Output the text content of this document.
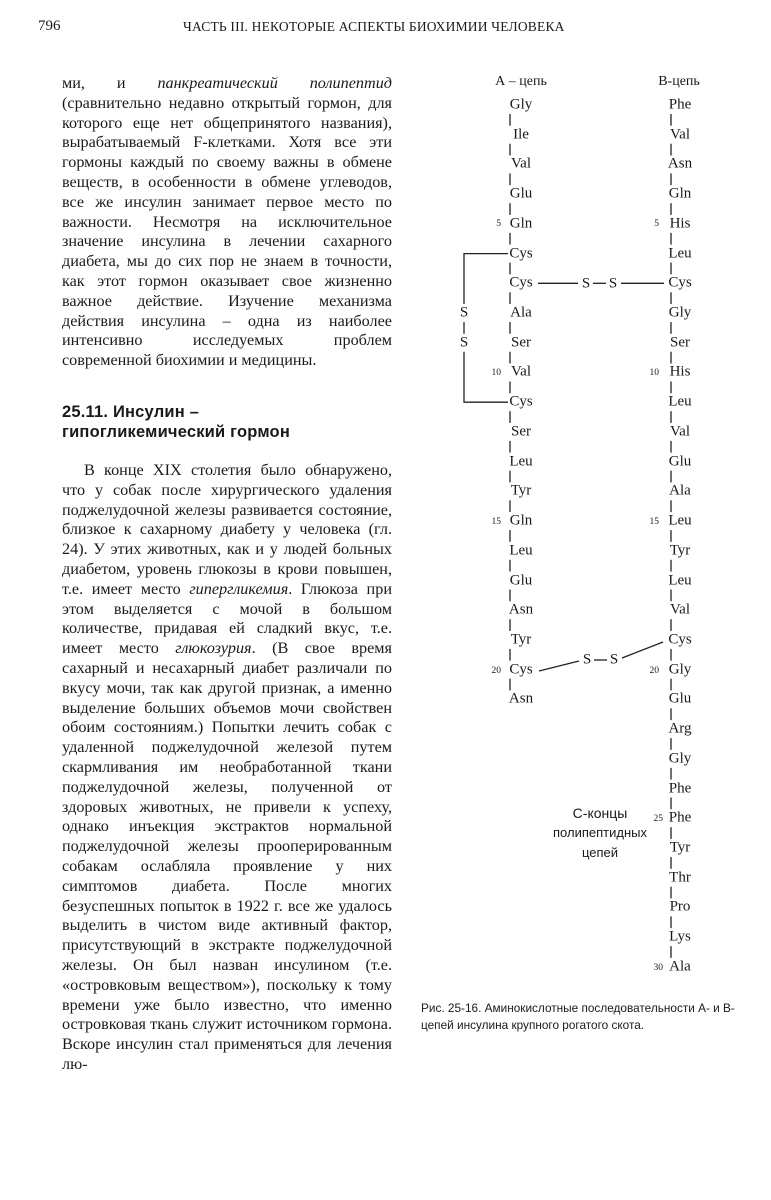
796	ЧАСТЬ III. НЕКОТОРЫЕ АСПЕКТЫ БИОХИМИИ ЧЕЛОВЕКА

ми, и панкреатический полипептид (сравнительно недавно открытый гормон, для которого еще нет общепринятого названия), вырабатываемый F-клетками. Хотя все эти гормоны каждый по своему важны в обмене веществ, в особенности в обмене углеводов, все же инсулин занимает первое место по важности. Несмотря на исключительное значение инсулина в лечении сахарного диабета, мы до сих пор не знаем в точности, как этот гормон оказывает свое жизненно важное действие. Изучение механизма действия инсулина – одна из наиболее интенсивно исследуемых проблем современной биохимии и медицины.

25.11. Инсулин –
гипогликемический гормон

В конце XIX столетия было обнаружено, что у собак после хирургического удаления поджелудочной железы развивается состояние, близкое к сахарному диабету у человека (гл. 24). У этих животных, как и у людей больных диабетом, уровень глюкозы в крови повышен, т.е. имеет место гипергликемия. Глюкоза при этом выделяется с мочой в большом количестве, придавая ей сладкий вкус, т.е. имеет место глюкозурия. (В свое время сахарный и несахарный диабет различали по вкусу мочи, так как другой признак, а именно выделение больших объемов мочи свойствен обоим состояниям.) Попытки лечить собак с удаленной поджелудочной железой путем скармливания им необработанной ткани поджелудочной железы, полученной от здоровых животных, не привели к успеху, однако инъекция экстрактов нормальной поджелудочной железы прооперированным собакам ослабляла проявление у них симптомов диабета. После многих безуспешных попыток в 1922 г. все же удалось выделить в чистом виде активный фактор, присутствующий в экстракте поджелудочной железы. Он был назван инсулином (т.е. «островковым веществом»), поскольку к тому времени уже было известно, что именно островковая ткань служит источником гормона. Вскоре инсулин стал применяться для лечения лю-

А – цепь	В-цепь
Gly
Ile
Val
Glu
Gln
Cys
Cys
Ala
Ser
Val
Cys
Ser
Leu
Tyr
Gln
Leu
Glu
Asn
Tyr
Cys
Asn
Phe
Val
Asn
Gln
His
Leu
Cys
Gly
Ser
His
Leu
Val
Glu
Ala
Leu
Tyr
Leu
Val
Cys
Gly
Glu
Arg
Gly
Phe
Phe
Tyr
Thr
Pro
Lys
Ala
5
10
15
20
5
10
15
20
25
30
S
S
S S
S S
С-концы
полипептидных
цепей
Рис. 25-16. Аминокислотные последовательности А- и В-цепей инсулина крупного рогатого скота.
